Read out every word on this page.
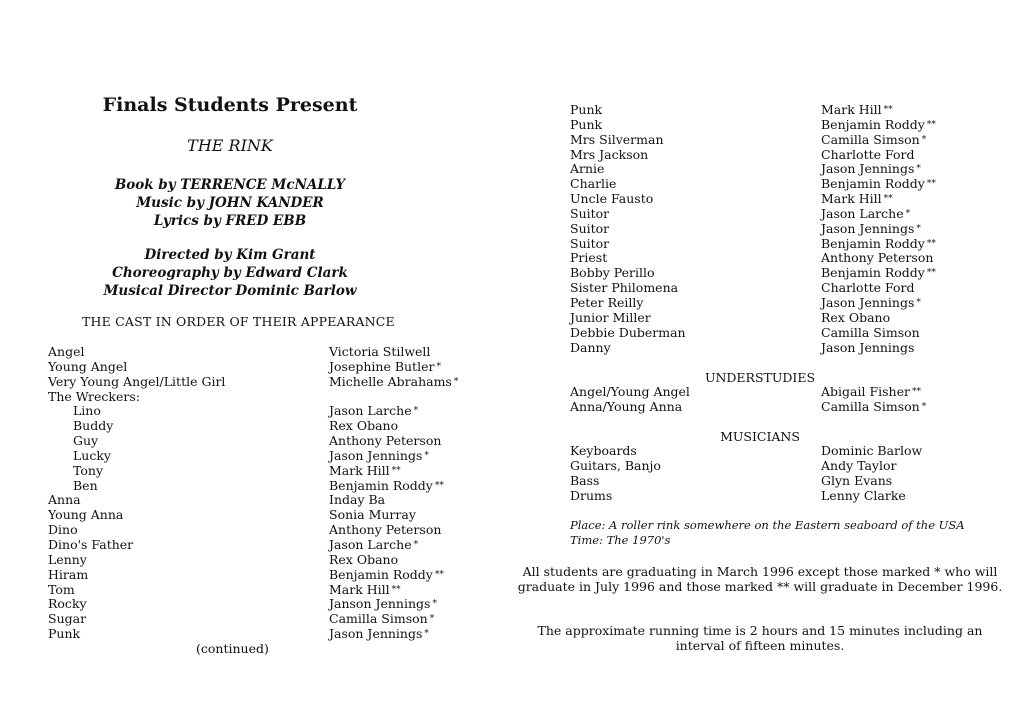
Finals Students Present
THE RINK
Book by TERRENCE McNALLY
Music by JOHN KANDER
Lyrics by FRED EBB
Directed by Kim Grant
Choreography by Edward Clark
Musical Director Dominic Barlow
THE CAST IN ORDER OF THEIR APPEARANCE
Angel	Victoria Stilwell
Young Angel	Josephine Butler *
Very Young Angel/Little Girl	Michelle Abrahams *
The Wreckers:
Lino	Jason Larche *
Buddy	Rex Obano
Guy	Anthony Peterson
Lucky	Jason Jennings *
Tony	Mark Hill **
Ben	Benjamin Roddy **
Anna	Inday Ba
Young Anna	Sonia Murray
Dino	Anthony Peterson
Dino's Father	Jason Larche *
Lenny	Rex Obano
Hiram	Benjamin Roddy **
Tom	Mark Hill **
Rocky	Janson Jennings *
Sugar	Camilla Simson *
Punk	Jason Jennings *
(continued)
Punk	Mark Hill **
Punk	Benjamin Roddy **
Mrs Silverman	Camilla Simson *
Mrs Jackson	Charlotte Ford
Arnie	Jason Jennings *
Charlie	Benjamin Roddy **
Uncle Fausto	Mark Hill **
Suitor	Jason Larche *
Suitor	Jason Jennings *
Suitor	Benjamin Roddy **
Priest	Anthony Peterson
Bobby Perillo	Benjamin Roddy **
Sister Philomena	Charlotte Ford
Peter Reilly	Jason Jennings *
Junior Miller	Rex Obano
Debbie Duberman	Camilla Simson
Danny	Jason Jennings
UNDERSTUDIES
Angel/Young Angel	Abigail Fisher **
Anna/Young Anna	Camilla Simson *
MUSICIANS
Keyboards	Dominic Barlow
Guitars, Banjo	Andy Taylor
Bass	Glyn Evans
Drums	Lenny Clarke
Place: A roller rink somewhere on the Eastern seaboard of the USA
Time: The 1970's
All students are graduating in March 1996 except those marked * who will
graduate in July 1996 and those marked ** will graduate in December 1996.
The approximate running time is 2 hours and 15 minutes including an
interval of fifteen minutes.
